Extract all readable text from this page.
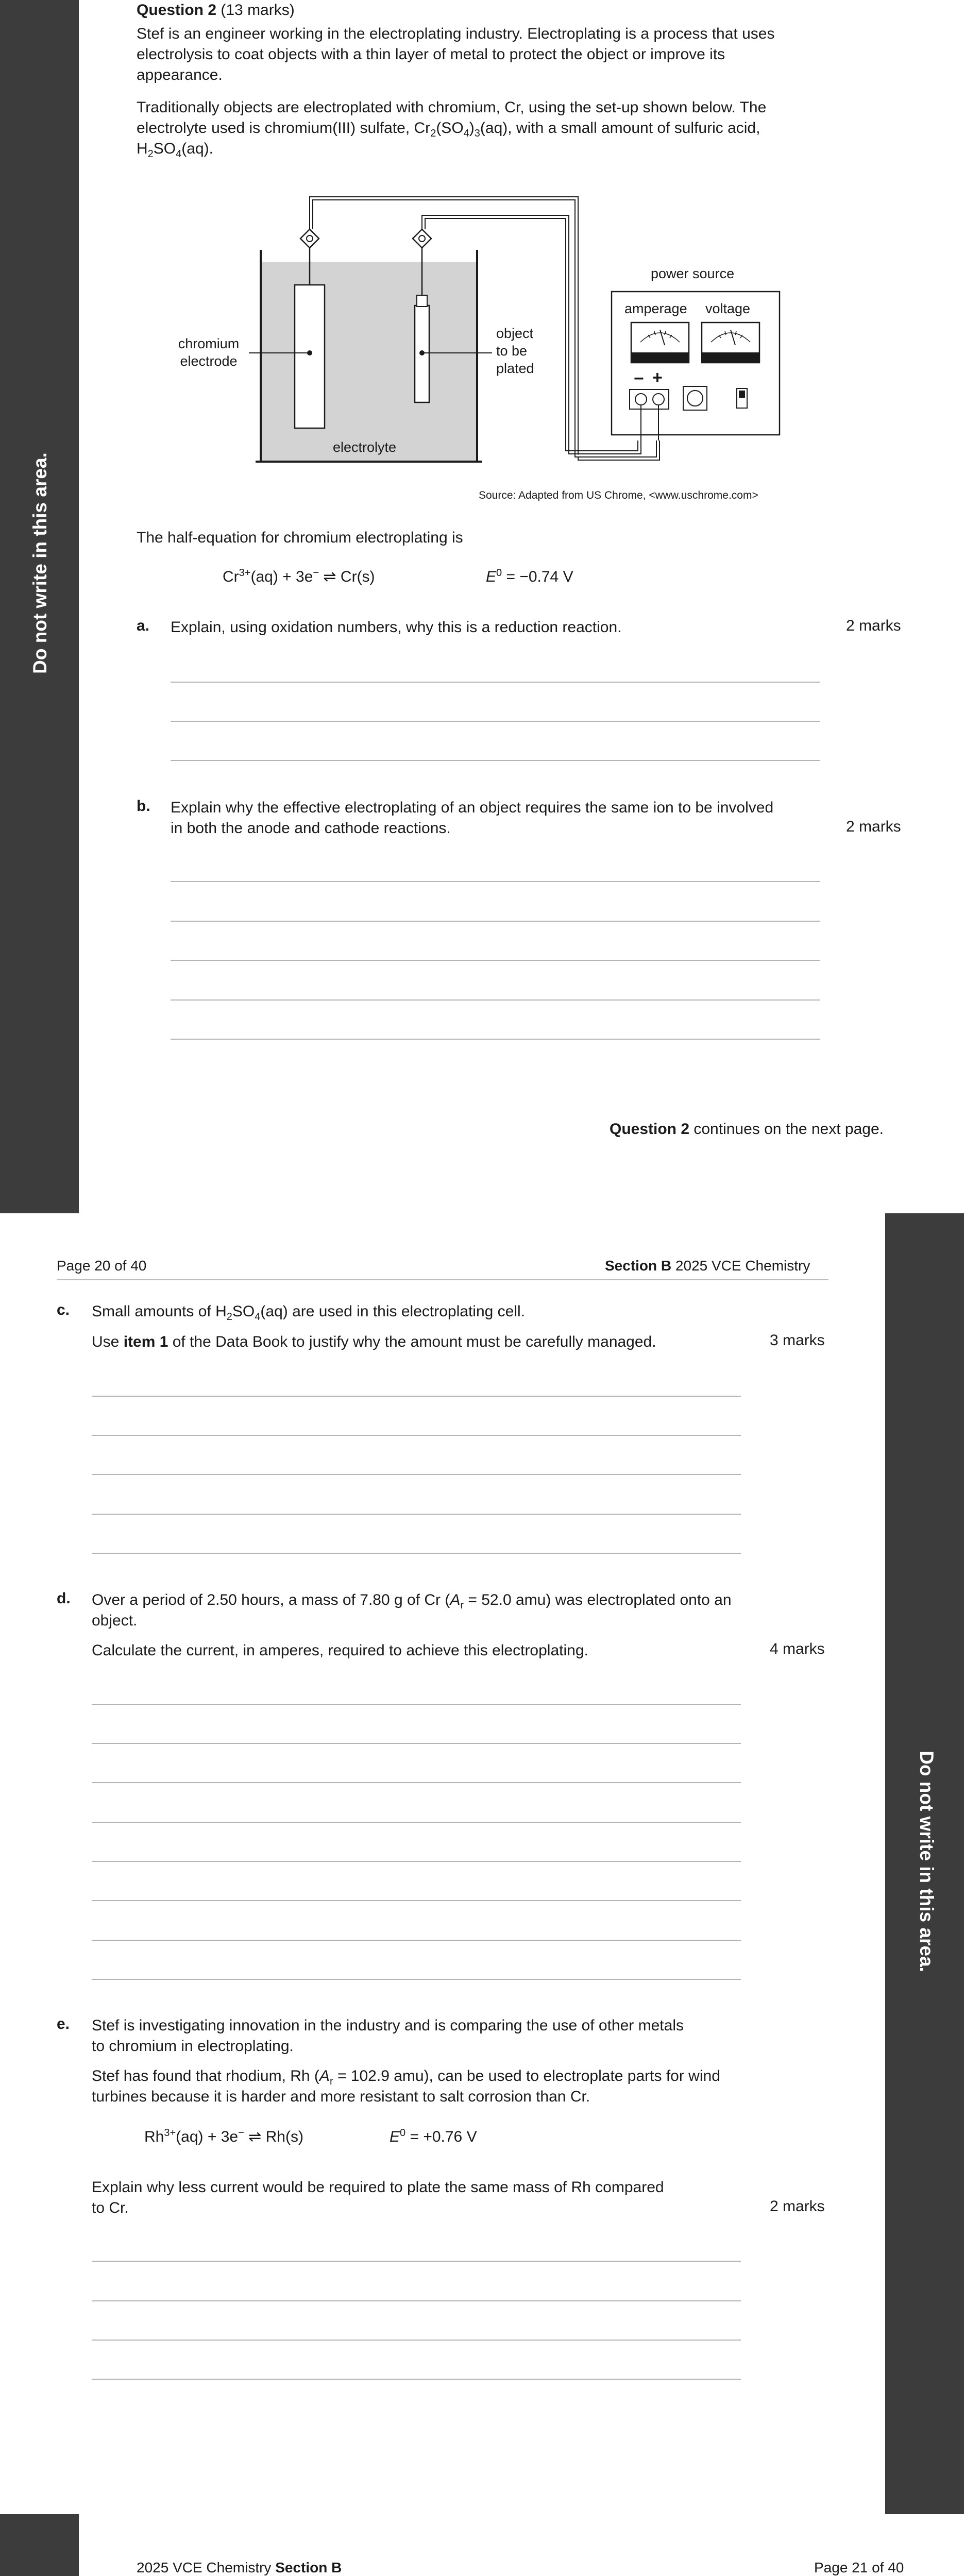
Do not write in this area.
Do not write in this area.
Question 2 (13 marks)
Stef is an engineer working in the electroplating industry. Electroplating is a process that uses electrolysis to coat objects with a thin layer of metal to protect the object or improve its appearance.
Traditionally objects are electroplated with chromium, Cr, using the set-up shown below. The electrolyte used is chromium(III) sulfate, $Cr_2(SO_4)_3(aq)$, with a small amount of sulfuric acid, $H_2SO_4(aq)$.
chromium electrode
object to be plated
electrolyte
power source
amperage voltage
− +
Source: Adapted from US Chrome, <www.uschrome.com>
The half-equation for chromium electroplating is
$Cr^{3+}(aq) + 3e^-$ ⇌ Cr(s)	$E^0 = -0.74$ V
a. Explain, using oxidation numbers, why this is a reduction reaction.	2 marks
b. Explain why the effective electroplating of an object requires the same ion to be involved in both the anode and cathode reactions.	2 marks
Question 2 continues on the next page.
Page 20 of 40	Section B 2025 VCE Chemistry
c. Small amounts of $H_2SO_4(aq)$ are used in this electroplating cell.
Use item 1 of the Data Book to justify why the amount must be carefully managed.	3 marks
d. Over a period of 2.50 hours, a mass of 7.80 g of Cr ($A_r = 52.0$ amu) was electroplated onto an object.
Calculate the current, in amperes, required to achieve this electroplating.	4 marks
e. Stef is investigating innovation in the industry and is comparing the use of other metals to chromium in electroplating.
Stef has found that rhodium, Rh ($A_r = 102.9$ amu), can be used to electroplate parts for wind turbines because it is harder and more resistant to salt corrosion than Cr.
$Rh^{3+}(aq) + 3e^-$ ⇌ Rh(s)	$E^0 = +0.76$ V
Explain why less current would be required to plate the same mass of Rh compared to Cr.	2 marks
2025 VCE Chemistry Section B	Page 21 of 40
